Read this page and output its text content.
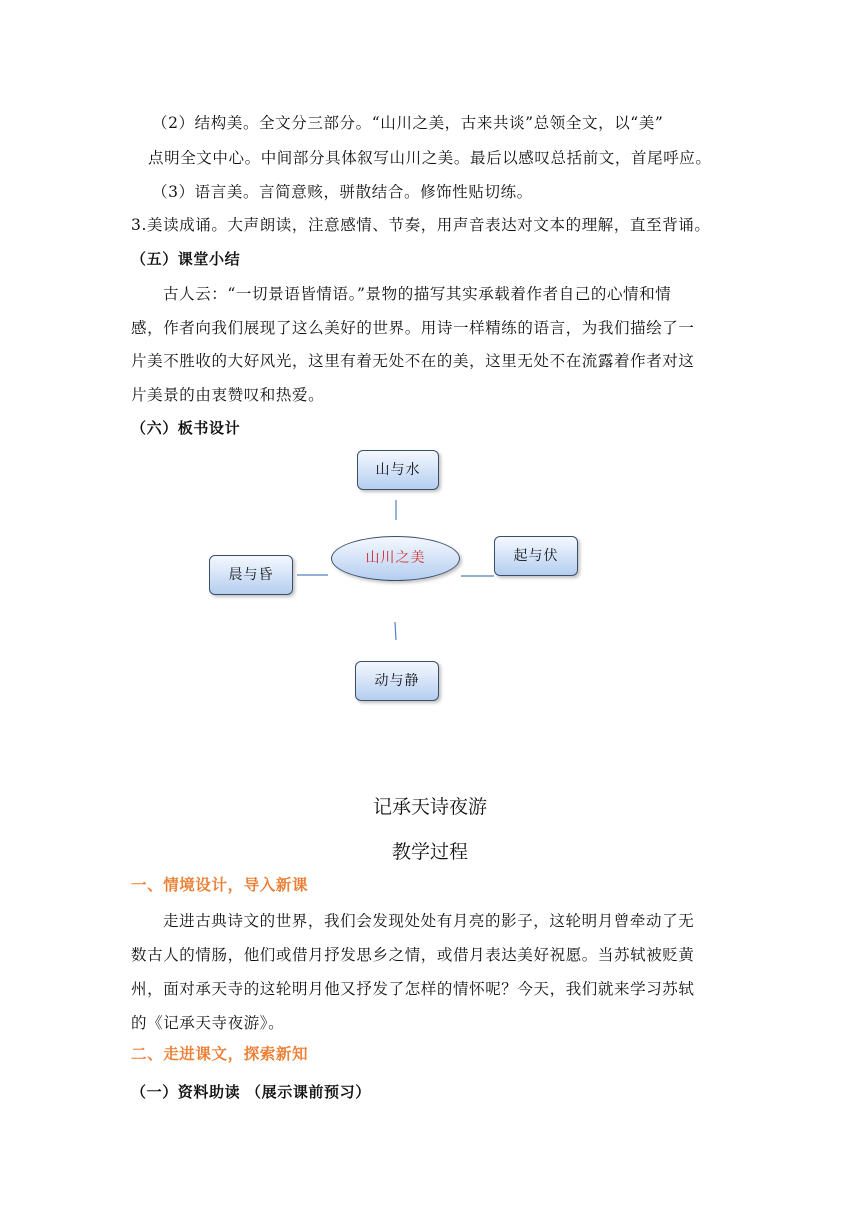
（2）结构美。全文分三部分。“山川之美，古来共谈”总领全文，以“美”
点明全文中心。中间部分具体叙写山川之美。最后以感叹总括前文，首尾呼应。
（3）语言美。言简意赅，骈散结合。修饰性贴切练。
3.美读成诵。大声朗读，注意感情、节奏，用声音表达对文本的理解，直至背诵。
（五）课堂小结
古人云：“一切景语皆情语。”景物的描写其实承载着作者自己的心情和情
感，作者向我们展现了这么美好的世界。用诗一样精练的语言，为我们描绘了一
片美不胜收的大好风光，这里有着无处不在的美，这里无处不在流露着作者对这
片美景的由衷赞叹和热爱。
（六）板书设计
山与水
起与伏
晨与昏
动与静
山川之美
记承天诗夜游
教学过程
一、情境设计，导入新课
走进古典诗文的世界，我们会发现处处有月亮的影子，这轮明月曾牵动了无
数古人的情肠，他们或借月抒发思乡之情，或借月表达美好祝愿。当苏轼被贬黄
州，面对承天寺的这轮明月他又抒发了怎样的情怀呢？今天，我们就来学习苏轼
的《记承天寺夜游》。
二、走进课文，探索新知
（一）资料助读 （展示课前预习）
